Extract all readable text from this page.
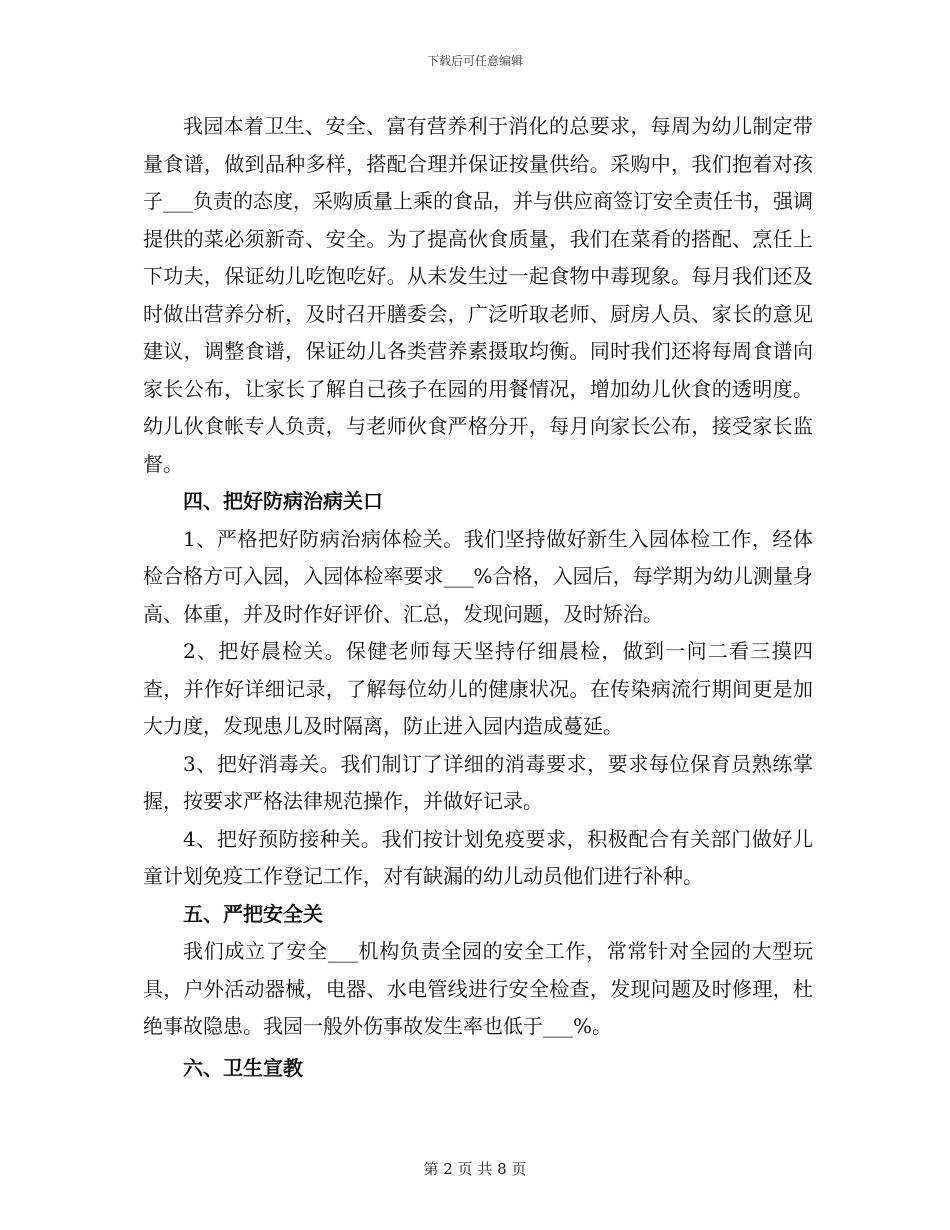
下载后可任意编辑

我园本着卫生、安全、富有营养利于消化的总要求，每周为幼儿制定带量食谱，做到品种多样，搭配合理并保证按量供给。采购中，我们抱着对孩子___负责的态度，采购质量上乘的食品，并与供应商签订安全责任书，强调提供的菜必须新奇、安全。为了提高伙食质量，我们在菜肴的搭配、烹任上下功夫，保证幼儿吃饱吃好。从未发生过一起食物中毒现象。每月我们还及时做出营养分析，及时召开膳委会，广泛听取老师、厨房人员、家长的意见建议，调整食谱，保证幼儿各类营养素摄取均衡。同时我们还将每周食谱向家长公布，让家长了解自己孩子在园的用餐情况，增加幼儿伙食的透明度。幼儿伙食帐专人负责，与老师伙食严格分开，每月向家长公布，接受家长监督。

四、把好防病治病关口

1、严格把好防病治病体检关。我们坚持做好新生入园体检工作，经体检合格方可入园，入园体检率要求___%合格，入园后，每学期为幼儿测量身高、体重，并及时作好评价、汇总，发现问题，及时矫治。

2、把好晨检关。保健老师每天坚持仔细晨检，做到一问二看三摸四查，并作好详细记录，了解每位幼儿的健康状况。在传染病流行期间更是加大力度，发现患儿及时隔离，防止进入园内造成蔓延。

3、把好消毒关。我们制订了详细的消毒要求，要求每位保育员熟练掌握，按要求严格法律规范操作，并做好记录。

4、把好预防接种关。我们按计划免疫要求，积极配合有关部门做好儿童计划免疫工作登记工作，对有缺漏的幼儿动员他们进行补种。

五、严把安全关

我们成立了安全___机构负责全园的安全工作，常常针对全园的大型玩具，户外活动器械，电器、水电管线进行安全检查，发现问题及时修理，杜绝事故隐患。我园一般外伤事故发生率也低于___%。

六、卫生宣教

第 2 页 共 8 页
